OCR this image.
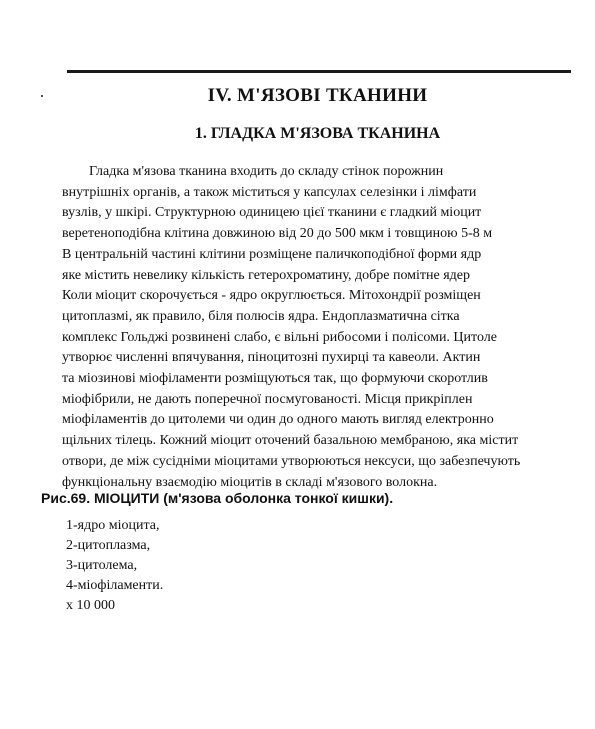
IV. М'ЯЗОВІ ТКАНИНИ
1. ГЛАДКА М'ЯЗОВА ТКАНИНА
Гладка м'язова тканина входить до складу стінок порожнин
внутрішніх органів, а також міститься у капсулах селезінки і лімфати
вузлів, у шкірі. Структурною одиницею цієї тканини є гладкий міоцит
веретеноподібна клітина довжиною від 20 до 500 мкм і товщиною 5-8 м
В центральній частині клітини розміщене паличкоподібної форми ядр
яке містить невелику кількість гетерохроматину, добре помітне ядер
Коли міоцит скорочується - ядро округлюється. Мітохондрії розміщен
цитоплазмі, як правило, біля полюсів ядра. Ендоплазматична сітка
комплекс Гольджі розвинені слабо, є вільні рибосоми і полісоми. Цитоле
утворює численні впячування, піноцитозні пухирці та кавеоли. Актин
та міозинові міофіламенти розміщуються так, що формуючи скоротлив
міофібрили, не дають поперечної посмугованості. Місця прикріплен
міофіламентів до цитолеми чи один до одного мають вигляд електронно
щільних тілець. Кожний міоцит оточений базальною мембраною, яка містит
отвори, де між сусідніми міоцитами утворюються нексуси, що забезпечують
функціональну взаємодію міоцитів в складі м'язового волокна.
Рис.69. МІОЦИТИ (м'язова оболонка тонкої кишки).
1-ядро міоцита,
2-цитоплазма,
3-цитолема,
4-міофіламенти.
x 10 000
